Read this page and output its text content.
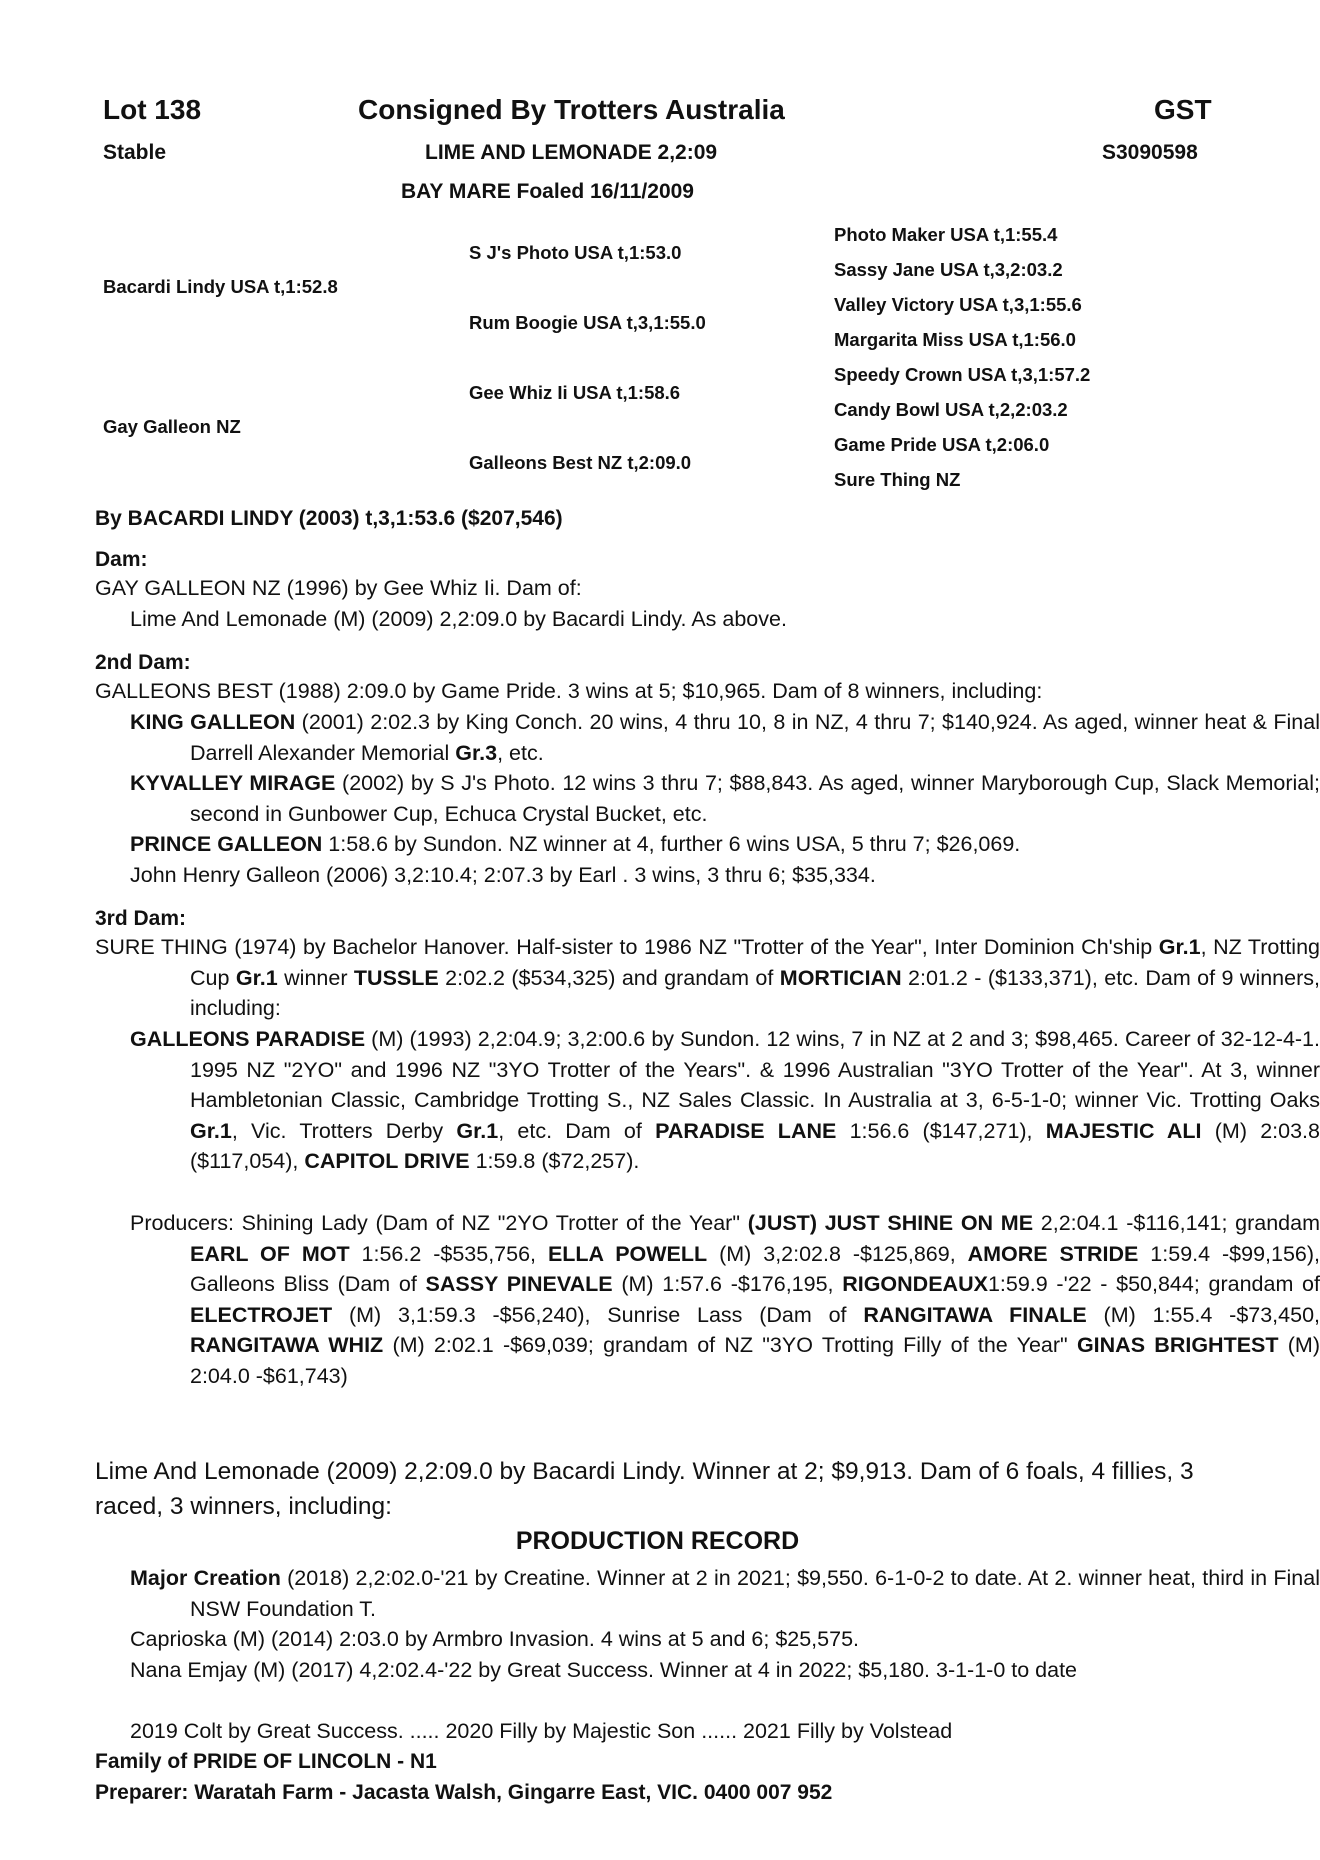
Lot 138	Consigned By Trotters Australia	GST
Stable	LIME AND LEMONADE 2,2:09	S3090598
BAY MARE Foaled 16/11/2009
Bacardi Lindy USA t,1:52.8
Gay Galleon NZ
S J's Photo USA t,1:53.0
Rum Boogie USA t,3,1:55.0
Gee Whiz Ii USA t,1:58.6
Galleons Best NZ t,2:09.0
Photo Maker USA t,1:55.4
Sassy Jane USA t,3,2:03.2
Valley Victory USA t,3,1:55.6
Margarita Miss USA t,1:56.0
Speedy Crown USA t,3,1:57.2
Candy Bowl USA t,2,2:03.2
Game Pride USA t,2:06.0
Sure Thing NZ
By BACARDI LINDY (2003) t,3,1:53.6 ($207,546)
Dam:
GAY GALLEON NZ (1996) by Gee Whiz Ii. Dam of:
Lime And Lemonade (M) (2009) 2,2:09.0 by Bacardi Lindy. As above.
2nd Dam:
GALLEONS BEST (1988) 2:09.0 by Game Pride. 3 wins at 5; $10,965. Dam of 8 winners, including:
KING GALLEON (2001) 2:02.3 by King Conch. 20 wins, 4 thru 10, 8 in NZ, 4 thru 7; $140,924. As aged, winner heat & Final Darrell Alexander Memorial Gr.3, etc.
KYVALLEY MIRAGE (2002) by S J's Photo. 12 wins 3 thru 7; $88,843. As aged, winner Maryborough Cup, Slack Memorial; second in Gunbower Cup, Echuca Crystal Bucket, etc.
PRINCE GALLEON 1:58.6 by Sundon. NZ winner at 4, further 6 wins USA, 5 thru 7; $26,069.
John Henry Galleon (2006) 3,2:10.4; 2:07.3 by Earl . 3 wins, 3 thru 6; $35,334.
3rd Dam:
SURE THING (1974) by Bachelor Hanover. Half-sister to 1986 NZ "Trotter of the Year", Inter Dominion Ch'ship Gr.1, NZ Trotting Cup Gr.1 winner TUSSLE 2:02.2 ($534,325) and grandam of MORTICIAN 2:01.2 - ($133,371), etc. Dam of 9 winners, including:
GALLEONS PARADISE (M) (1993) 2,2:04.9; 3,2:00.6 by Sundon. 12 wins, 7 in NZ at 2 and 3; $98,465. Career of 32-12-4-1. 1995 NZ "2YO" and 1996 NZ "3YO Trotter of the Years". & 1996 Australian "3YO Trotter of the Year". At 3, winner Hambletonian Classic, Cambridge Trotting S., NZ Sales Classic. In Australia at 3, 6-5-1-0; winner Vic. Trotting Oaks Gr.1, Vic. Trotters Derby Gr.1, etc. Dam of PARADISE LANE 1:56.6 ($147,271), MAJESTIC ALI (M) 2:03.8 ($117,054), CAPITOL DRIVE 1:59.8 ($72,257).
Producers: Shining Lady (Dam of NZ "2YO Trotter of the Year" (JUST) JUST SHINE ON ME 2,2:04.1 -$116,141; grandam EARL OF MOT 1:56.2 -$535,756, ELLA POWELL (M) 3,2:02.8 -$125,869, AMORE STRIDE 1:59.4 -$99,156), Galleons Bliss (Dam of SASSY PINEVALE (M) 1:57.6 -$176,195, RIGONDEAUX1:59.9 -'22 - $50,844; grandam of ELECTROJET (M) 3,1:59.3 -$56,240), Sunrise Lass (Dam of RANGITAWA FINALE (M) 1:55.4 -$73,450, RANGITAWA WHIZ (M) 2:02.1 -$69,039; grandam of NZ "3YO Trotting Filly of the Year" GINAS BRIGHTEST (M) 2:04.0 -$61,743)
Lime And Lemonade (2009) 2,2:09.0 by Bacardi Lindy. Winner at 2; $9,913. Dam of 6 foals, 4 fillies, 3 raced, 3 winners, including:
PRODUCTION RECORD
Major Creation (2018) 2,2:02.0-'21 by Creatine. Winner at 2 in 2021; $9,550. 6-1-0-2 to date. At 2. winner heat, third in Final NSW Foundation T.
Caprioska (M) (2014) 2:03.0 by Armbro Invasion. 4 wins at 5 and 6; $25,575.
Nana Emjay (M) (2017) 4,2:02.4-'22 by Great Success. Winner at 4 in 2022; $5,180. 3-1-1-0 to date
2019 Colt by Great Success. ..... 2020 Filly by Majestic Son ...... 2021 Filly by Volstead
Family of PRIDE OF LINCOLN - N1
Preparer: Waratah Farm - Jacasta Walsh, Gingarre East, VIC. 0400 007 952
